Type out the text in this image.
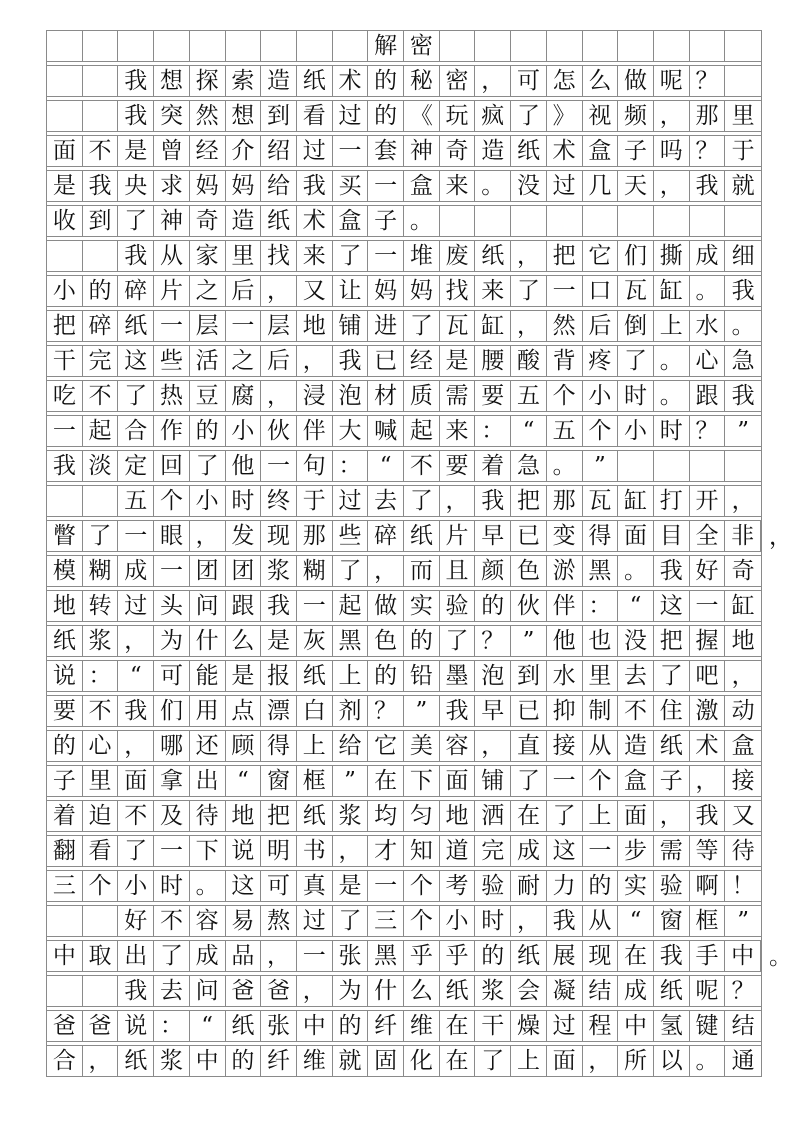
解 密
我 想 探 索 造 纸 术 的 秘 密 ， 可 怎 么 做 呢 ？
我 突 然 想 到 看 过 的 《 玩 疯 了 》 视 频 ， 那 里
面 不 是 曾 经 介 绍 过 一 套 神 奇 造 纸 术 盒 子 吗 ？ 于
是 我 央 求 妈 妈 给 我 买 一 盒 来 。 没 过 几 天 ， 我 就
收 到 了 神 奇 造 纸 术 盒 子 。
我 从 家 里 找 来 了 一 堆 废 纸 ， 把 它 们 撕 成 细
小 的 碎 片 之 后 ， 又 让 妈 妈 找 来 了 一 口 瓦 缸 。 我
把 碎 纸 一 层 一 层 地 铺 进 了 瓦 缸 ， 然 后 倒 上 水 。
干 完 这 些 活 之 后 ， 我 已 经 是 腰 酸 背 疼 了 。 心 急
吃 不 了 热 豆 腐 ， 浸 泡 材 质 需 要 五 个 小 时 。 跟 我
一 起 合 作 的 小 伙 伴 大 喊 起 来 ： “ 五 个 小 时 ？ ”
我 淡 定 回 了 他 一 句 ： “ 不 要 着 急 。 ”
五 个 小 时 终 于 过 去 了 ， 我 把 那 瓦 缸 打 开 ，
瞥 了 一 眼 ， 发 现 那 些 碎 纸 片 早 已 变 得 面 目 全 非 ，
模 糊 成 一 团 团 浆 糊 了 ， 而 且 颜 色 淤 黑 。 我 好 奇
地 转 过 头 问 跟 我 一 起 做 实 验 的 伙 伴 ： “ 这 一 缸
纸 浆 ， 为 什 么 是 灰 黑 色 的 了 ？ ” 他 也 没 把 握 地
说 ： “ 可 能 是 报 纸 上 的 铅 墨 泡 到 水 里 去 了 吧 ，
要 不 我 们 用 点 漂 白 剂 ？ ” 我 早 已 抑 制 不 住 激 动
的 心 ， 哪 还 顾 得 上 给 它 美 容 ， 直 接 从 造 纸 术 盒
子 里 面 拿 出 “ 窗 框 ” 在 下 面 铺 了 一 个 盒 子 ， 接
着 迫 不 及 待 地 把 纸 浆 均 匀 地 洒 在 了 上 面 ， 我 又
翻 看 了 一 下 说 明 书 ， 才 知 道 完 成 这 一 步 需 等 待
三 个 小 时 。 这 可 真 是 一 个 考 验 耐 力 的 实 验 啊 ！
好 不 容 易 熬 过 了 三 个 小 时 ， 我 从 “ 窗 框 ”
中 取 出 了 成 品 ， 一 张 黑 乎 乎 的 纸 展 现 在 我 手 中 。
我 去 问 爸 爸 ， 为 什 么 纸 浆 会 凝 结 成 纸 呢 ？
爸 爸 说 ： “ 纸 张 中 的 纤 维 在 干 燥 过 程 中 氢 键 结
合 ， 纸 浆 中 的 纤 维 就 固 化 在 了 上 面 ， 所 以 。 通
